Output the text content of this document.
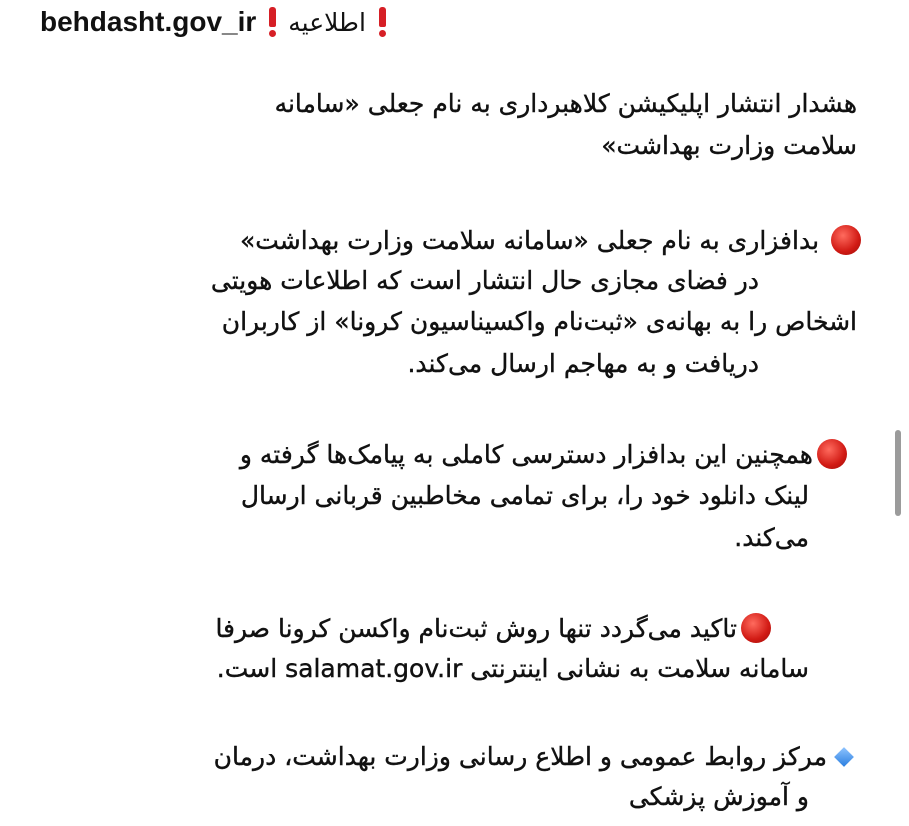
behdasht.gov_ir اطلاعیه
هشدار انتشار اپلیکیشن کلاهبرداری به نام جعلی «سامانه
سلامت وزارت بهداشت»
بدافزاری به نام جعلی «سامانه سلامت وزارت بهداشت»
در فضای مجازی حال انتشار است که اطلاعات هویتی
اشخاص را به بهانه‌ی «ثبت‌نام واکسیناسیون کرونا» از کاربران
دریافت و به مهاجم ارسال می‌کند.
همچنین این بدافزار دسترسی کاملی به پیامک‌ها گرفته و
لینک دانلود خود را، برای تمامی مخاطبین قربانی ارسال
می‌کند.
تاکید می‌گردد تنها روش ثبت‌نام واکسن کرونا صرفا
سامانه سلامت به نشانی اینترنتی salamat.gov.ir است.
مرکز روابط عمومی و اطلاع رسانی وزارت بهداشت، درمان
و آموزش پزشکی
